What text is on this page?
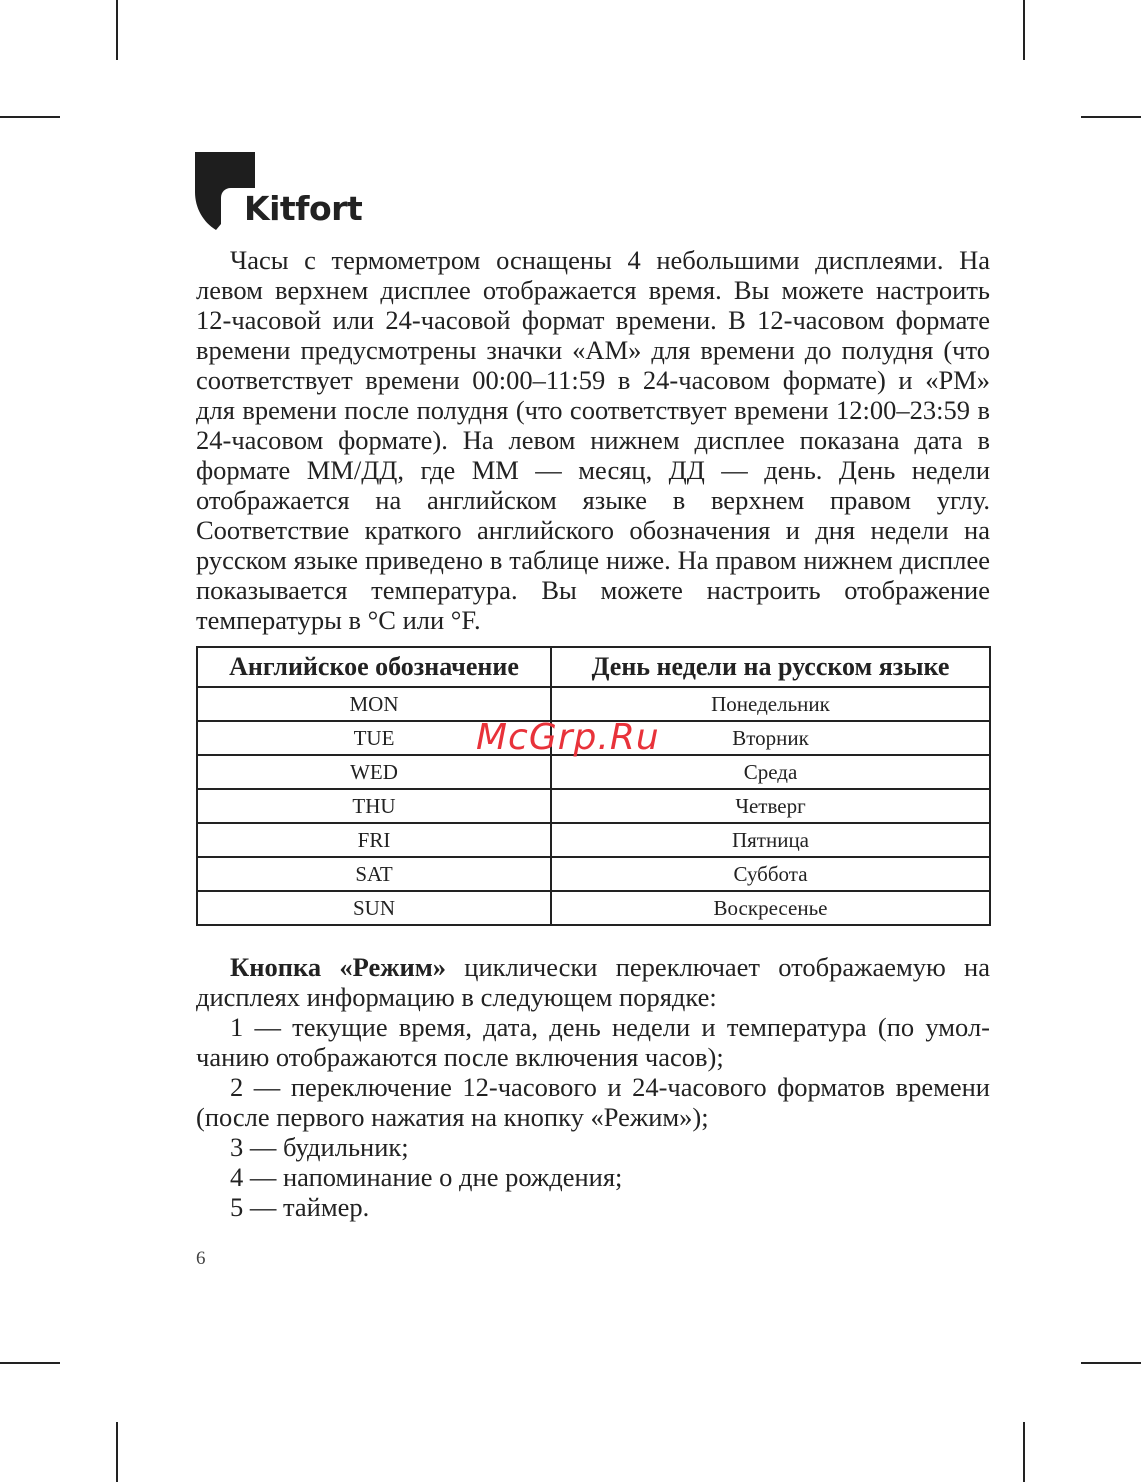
Kitfort

Часы с термометром оснащены 4 небольшими дисплеями. На левом верхнем дисплее отображается время. Вы можете настроить 12-часовой или 24-часовой формат времени. В 12-часовом формате времени предусмотрены значки «AM» для времени до полудня (что соответствует времени 00:00–11:59 в 24-часовом формате) и «PM» для времени после полудня (что соответствует времени 12:00–23:59 в 24-часовом формате). На левом нижнем дисплее показана дата в формате ММ/ДД, где ММ — месяц, ДД — день. День недели отображается на английском языке в верхнем правом углу. Соответствие краткого английского обозначения и дня недели на русском языке приведено в таблице ниже. На правом нижнем дисплее показывается температура. Вы можете настроить отображение температуры в °C или °F.

Английское обозначение	День недели на русском языке
MON	Понедельник
TUE	Вторник
WED	Среда
THU	Четверг
FRI	Пятница
SAT	Суббота
SUN	Воскресенье
McGrp.Ru

Кнопка «Режим» циклически переключает отображаемую на дисплеях информацию в следующем порядке:

1 — текущие время, дата, день недели и температура (по умолчанию отображаются после включения часов);

2 — переключение 12-часового и 24-часового форматов времени (после первого нажатия на кнопку «Режим»);

3 — будильник;

4 — напоминание о дне рождения;

5 — таймер.

6
